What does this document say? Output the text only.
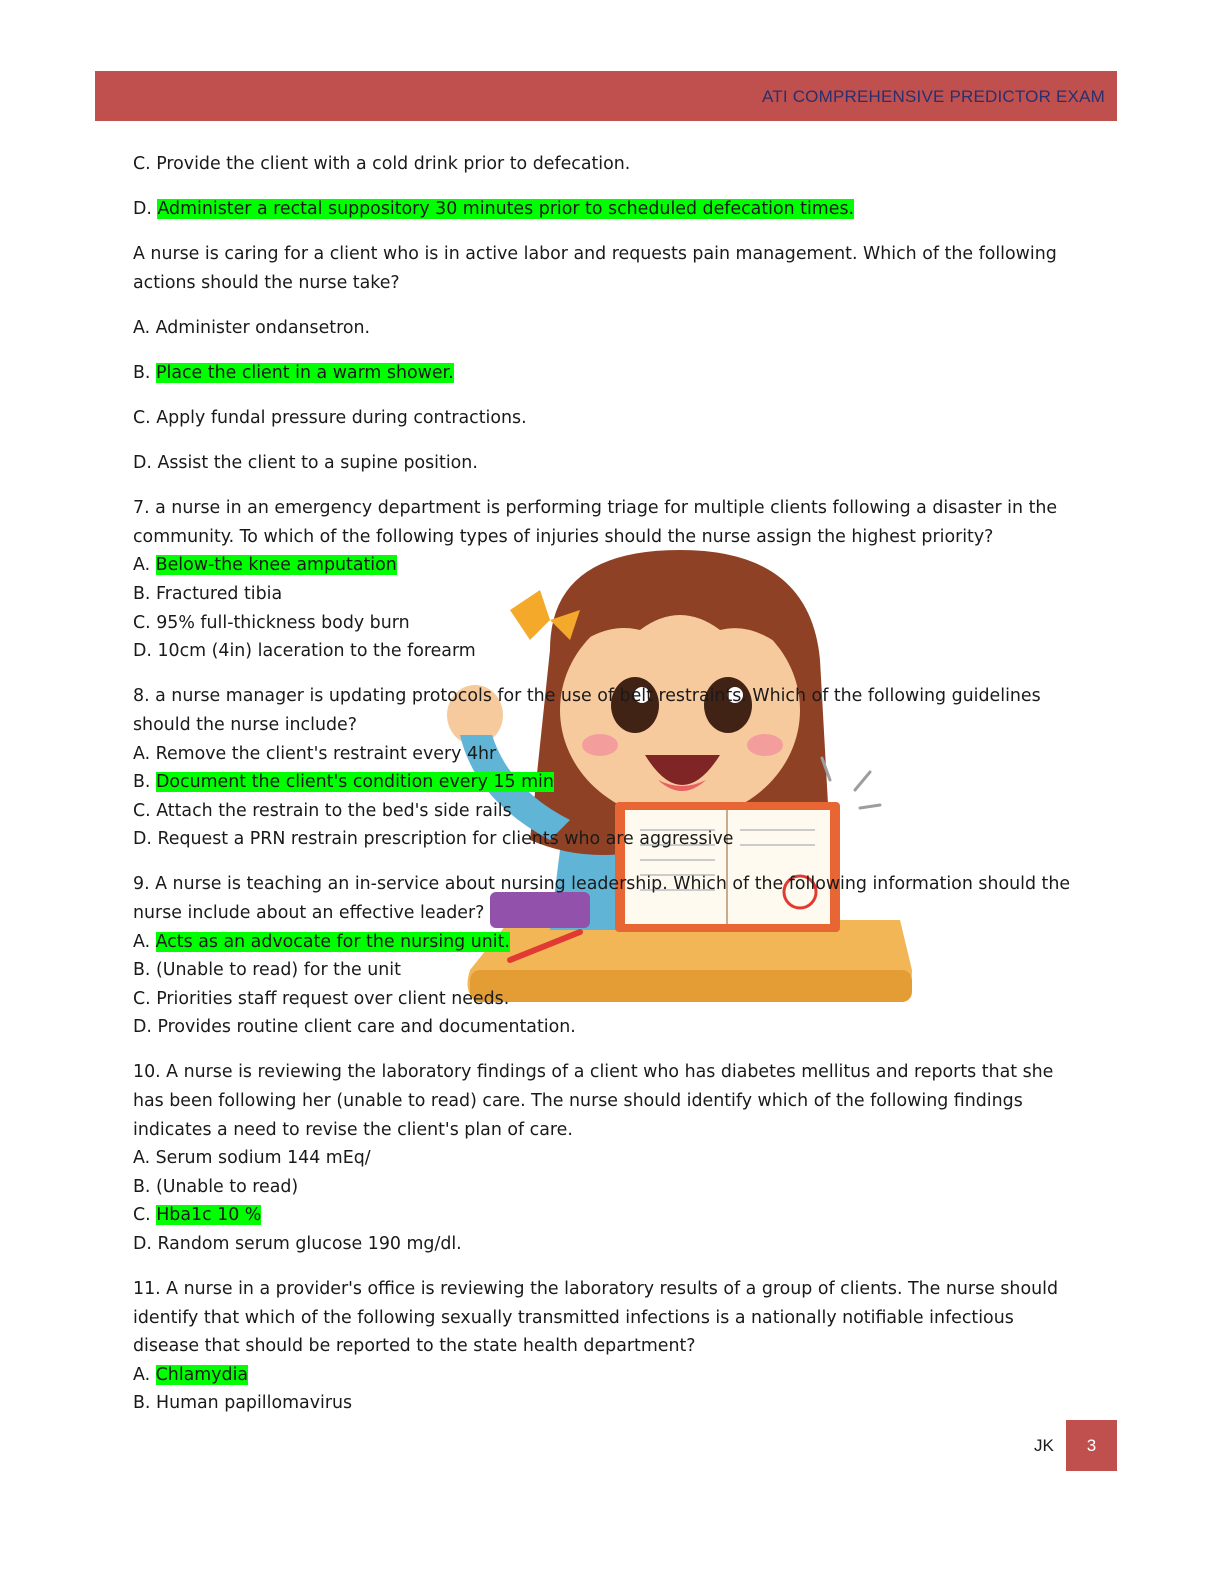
ATI COMPREHENSIVE PREDICTOR EXAM

C. Provide the client with a cold drink prior to defecation.

D. Administer a rectal suppository 30 minutes prior to scheduled defecation times.

A nurse is caring for a client who is in active labor and requests pain management. Which of the following actions should the nurse take?

A. Administer ondansetron.

B. Place the client in a warm shower.

C. Apply fundal pressure during contractions.

D. Assist the client to a supine position.

7. a nurse in an emergency department is performing triage for multiple clients following a disaster in the community. To which of the following types of injuries should the nurse assign the highest priority?

A. Below-the knee amputation

B. Fractured tibia

C. 95% full-thickness body burn

D. 10cm (4in) laceration to the forearm

8. a nurse manager is updating protocols for the use of belt restraints. Which of the following guidelines should the nurse include?

A. Remove the client's restraint every 4hr

B. Document the client's condition every 15 min

C. Attach the restrain to the bed's side rails

D. Request a PRN restrain prescription for clients who are aggressive

9. A nurse is teaching an in-service about nursing leadership. Which of the following information should the nurse include about an effective leader?

A. Acts as an advocate for the nursing unit.

B. (Unable to read) for the unit

C. Priorities staff request over client needs.

D. Provides routine client care and documentation.

10. A nurse is reviewing the laboratory findings of a client who has diabetes mellitus and reports that she has been following her (unable to read) care. The nurse should identify which of the following findings indicates a need to revise the client's plan of care.

A. Serum sodium 144 mEq/

B. (Unable to read)

C. Hba1c 10 %

D. Random serum glucose 190 mg/dl.

11. A nurse in a provider's office is reviewing the laboratory results of a group of clients. The nurse should identify that which of the following sexually transmitted infections is a nationally notifiable infectious disease that should be reported to the state health department?

A. Chlamydia

B. Human papillomavirus

JK	3
